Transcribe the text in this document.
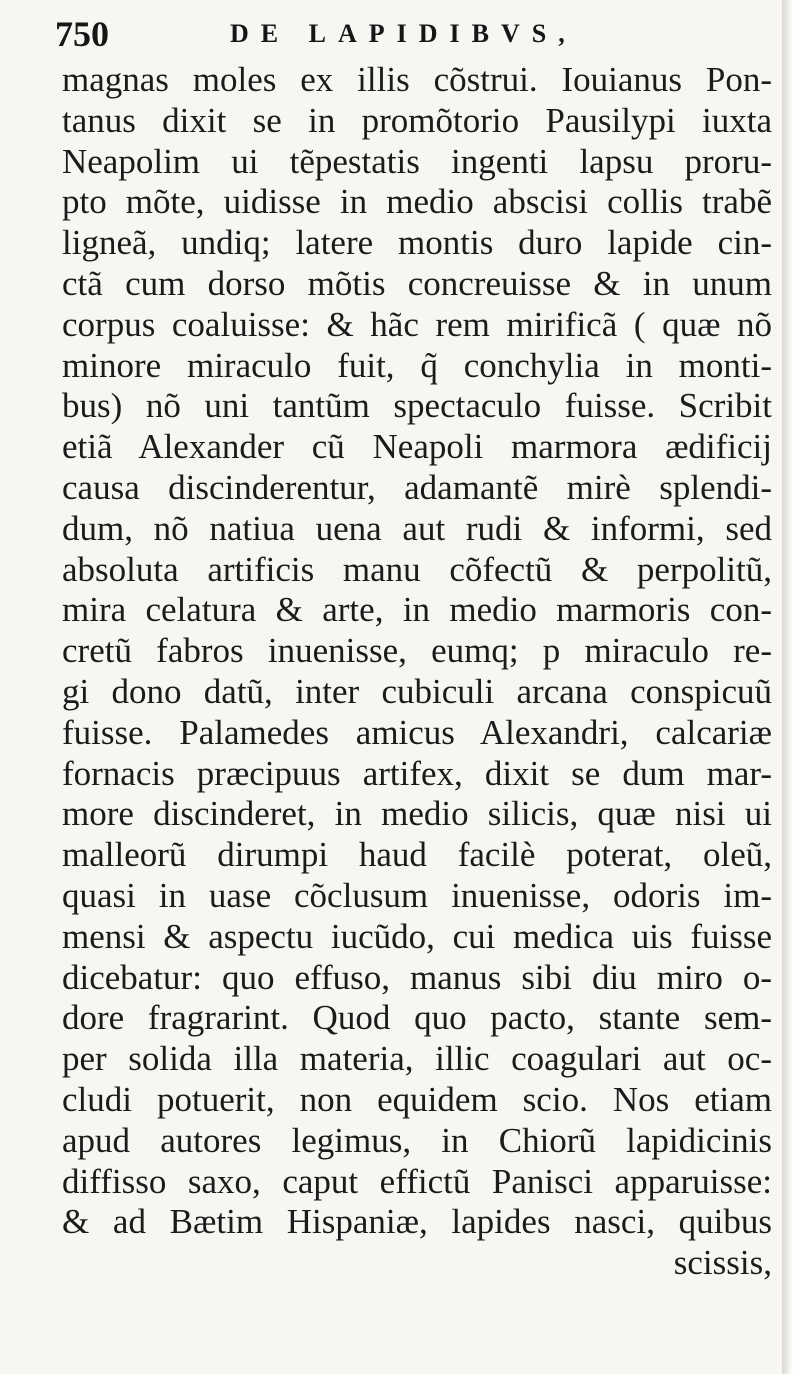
750	DE LAPIDIBVS,
magnas moles ex illis cõstrui. Iouianus Pon-
tanus dixit se in promõtorio Pausilypi iuxta
Neapolim ui tẽpestatis ingenti lapsu proru-
pto mõte, uidisse in medio abscisi collis trabẽ
ligneã, undiq; latere montis duro lapide cin-
ctã cum dorso mõtis concreuisse & in unum
corpus coaluisse: & hãc rem mirificã ( quæ nõ
minore miraculo fuit, q̃ conchylia in monti-
bus) nõ uni tantũm spectaculo fuisse. Scribit
etiã Alexander cũ Neapoli marmora ædificij
causa discinderentur, adamantẽ mirè splendi-
dum, nõ natiua uena aut rudi & informi, sed
absoluta artificis manu cõfectũ & perpolitũ,
mira celatura & arte, in medio marmoris con-
cretũ fabros inuenisse, eumq; p miraculo re-
gi dono datũ, inter cubiculi arcana conspicuũ
fuisse. Palamedes amicus Alexandri, calcariæ
fornacis præcipuus artifex, dixit se dum mar-
more discinderet, in medio silicis, quæ nisi ui
malleorũ dirumpi haud facilè poterat, oleũ,
quasi in uase cõclusum inuenisse, odoris im-
mensi & aspectu iucũdo, cui medica uis fuisse
dicebatur: quo effuso, manus sibi diu miro o-
dore fragrarint. Quod quo pacto, stante sem-
per solida illa materia, illic coagulari aut oc-
cludi potuerit, non equidem scio. Nos etiam
apud autores legimus, in Chiorũ lapidicinis
diffisso saxo, caput effictũ Panisci apparuisse:
& ad Bætim Hispaniæ, lapides nasci, quibus
scissis,
